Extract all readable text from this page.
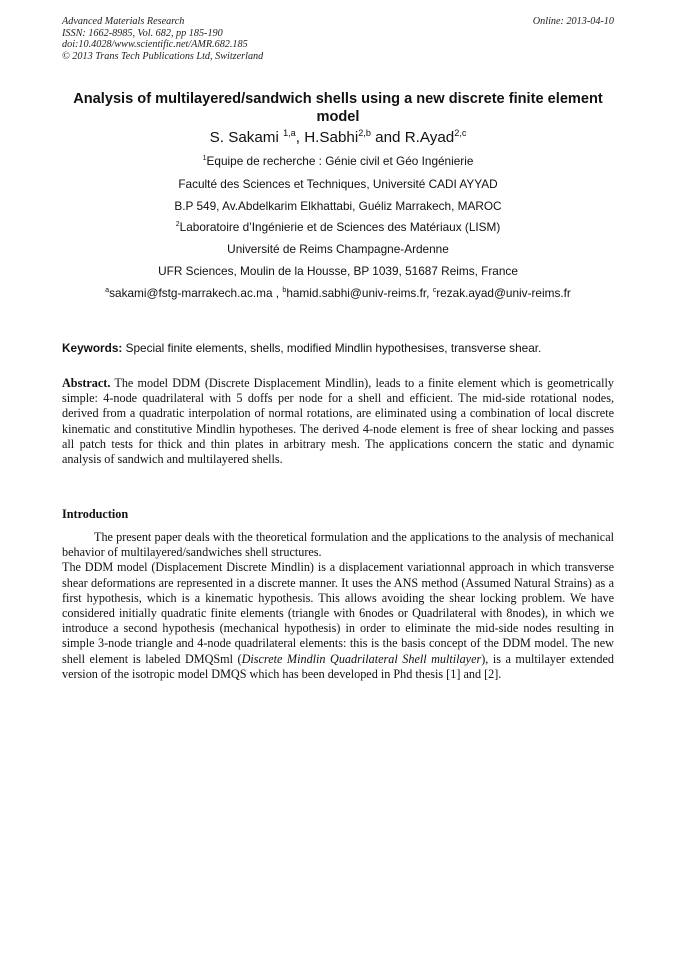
Advanced Materials Research
ISSN: 1662-8985, Vol. 682, pp 185-190
doi:10.4028/www.scientific.net/AMR.682.185
© 2013 Trans Tech Publications Ltd, Switzerland
Online: 2013-04-10
Analysis of multilayered/sandwich shells using a new discrete finite element model
S. Sakami $^{1,a}$, H.Sabhi$^{2,b}$ and R.Ayad$^{2,c}$
$^1$Equipe de recherche : Génie civil et Géo Ingénierie
Faculté des Sciences et Techniques, Université CADI AYYAD
B.P 549, Av.Abdelkarim Elkhattabi, Guéliz Marrakech, MAROC
$^2$Laboratoire d’Ingénierie et de Sciences des Matériaux (LISM)
Université de Reims Champagne-Ardenne
UFR Sciences, Moulin de la Housse, BP 1039, 51687 Reims, France
$^a$sakami@fstg-marrakech.ac.ma , $^b$hamid.sabhi@univ-reims.fr, $^c$rezak.ayad@univ-reims.fr
Keywords: Special finite elements, shells, modified Mindlin hypothesises, transverse shear.
Abstract. The model DDM (Discrete Displacement Mindlin), leads to a finite element which is geometrically simple: 4-node quadrilateral with 5 doffs per node for a shell and efficient. The mid-side rotational nodes, derived from a quadratic interpolation of normal rotations, are eliminated using a combination of local discrete kinematic and constitutive Mindlin hypotheses. The derived 4-node element is free of shear locking and passes all patch tests for thick and thin plates in arbitrary mesh. The applications concern the static and dynamic analysis of sandwich and multilayered shells.
Introduction

The present paper deals with the theoretical formulation and the applications to the analysis of mechanical behavior of multilayered/sandwiches shell structures.

The DDM model (Displacement Discrete Mindlin) is a displacement variationnal approach in which transverse shear deformations are represented in a discrete manner. It uses the ANS method (Assumed Natural Strains) as a first hypothesis, which is a kinematic hypothesis. This allows avoiding the shear locking problem. We have considered initially quadratic finite elements (triangle with 6nodes or Quadrilateral with 8nodes), in which we introduce a second hypothesis (mechanical hypothesis) in order to eliminate the mid-side nodes resulting in simple 3-node triangle and 4-node quadrilateral elements: this is the basis concept of the DDM model. The new shell element is labeled DMQSml (Discrete Mindlin Quadrilateral Shell multilayer), is a multilayer extended version of the isotropic model DMQS which has been developed in Phd thesis [1] and [2].
